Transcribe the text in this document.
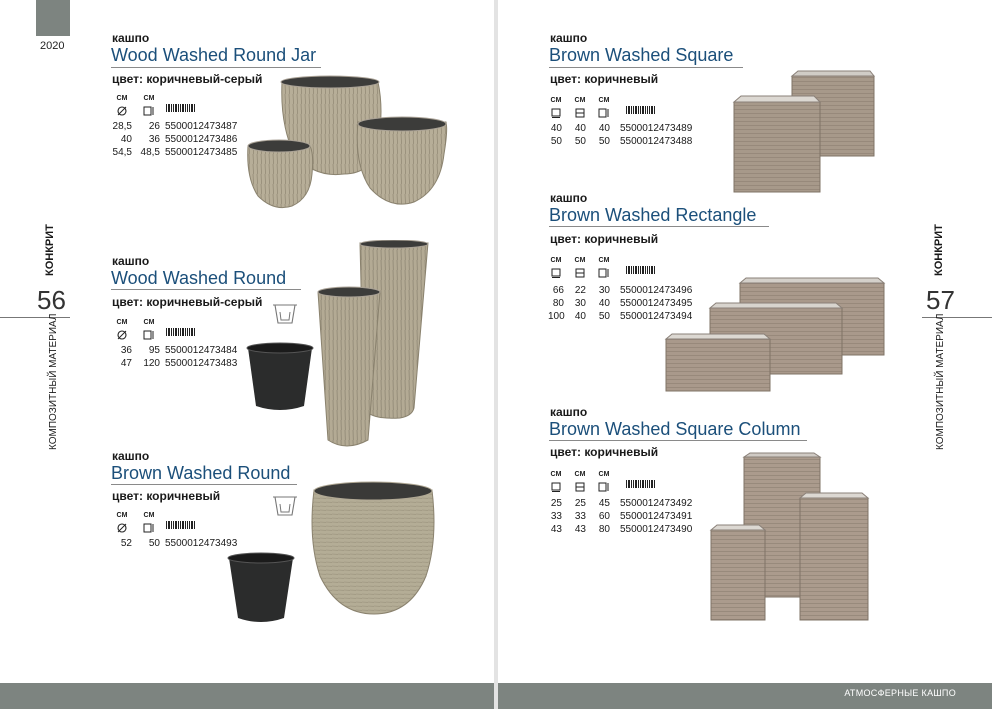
2020
КОНКРИТ
56
КОМПОЗИТНЫЙ МАТЕРИАЛ
КОНКРИТ
57
КОМПОЗИТНЫЙ МАТЕРИАЛ
АТМОСФЕРНЫЕ КАШПО
кашпо
Wood Washed Round Jar
цвет: коричневый-серый
CM	CM
28,5	26 5500012473487
40	36 5500012473486
54,5 48,5 5500012473485
кашпо
Wood Washed Round
цвет: коричневый-серый
CM	CM
36	95 5500012473484
47	120 5500012473483
кашпо
Brown Washed Round
цвет: коричневый
CM	CM
52	50 5500012473493
кашпо
Brown Washed Square
цвет: коричневый
CM	CM	CM
40	40	40	5500012473489
50	50	50	5500012473488
кашпо
Brown Washed Rectangle
цвет: коричневый
CM	CM	CM
66	22	30	5500012473496
80	30	40	5500012473495
100	40	50	5500012473494
кашпо
Brown Washed Square Column
цвет: коричневый
CM	CM	CM
25	25	45	5500012473492
33	33	60	5500012473491
43	43	80	5500012473490
